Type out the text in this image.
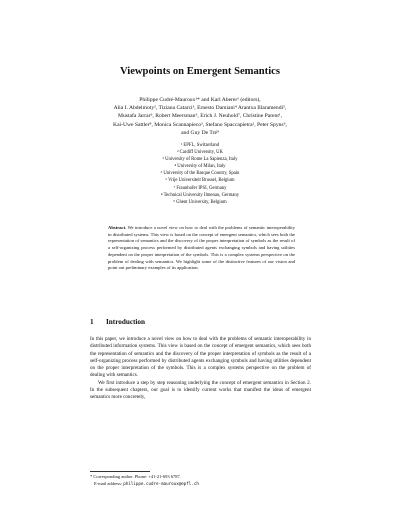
Viewpoints on Emergent Semantics
Philippe Cudré-Mauroux¹* and Karl Aberer¹ (editors),
Alia I. Abdelmoty², Tiziana Catarci³, Ernesto Damiani⁴ Arantxa Illaramendi⁵,
Mustafa Jarrar⁶, Robert Meersman⁶, Erich J. Neuhold⁷, Christine Parent¹,
Kai-Uwe Sattler⁸, Monica Scannapieco³, Stefano Spaccapietra¹, Peter Spyns⁶,
and Guy De Tré⁹
¹ EPFL, Switzerland
² Cardiff University, UK
³ University of Rome La Sapienza, Italy
⁴ University of Milan, Italy
⁵ University of the Basque Country, Spain
⁶ Vrije Universiteit Brussel, Belgium
⁷ Fraunhofer IPSI, Germany
⁸ Technical University Ilmenau, Germany
⁹ Ghent University, Belgium
Abstract. We introduce a novel view on how to deal with the problems of semantic interoperability in distributed systems. This view is based on the concept of emergent semantics, which sees both the representation of semantics and the discovery of the proper interpretation of symbols as the result of a self-organizing process performed by distributed agents exchanging symbols and having utilities dependent on the proper interpretation of the symbols. This is a complex systems perspective on the problem of dealing with semantics. We highlight some of the distinctive features of our vision and point out preliminary examples of its application.
1 Introduction

In this paper, we introduce a novel view on how to deal with the problems of semantic interoperability in distributed information systems. This view is based on the concept of emergent semantics, which sees both the representation of semantics and the discovery of the proper interpretation of symbols as the result of a self-organizing process performed by distributed agents exchanging symbols and having utilities dependent on the proper interpretation of the symbols. This is a complex systems perspective on the problem of dealing with semantics.

We first introduce a step by step reasoning underlying the concept of emergent semantics in Section 2. In the subsequent chapters, our goal is to identify current works that manifest the ideas of emergent semantics more concretely,

* Corresponding author. Phone: +41-21-693 6787.
E-mail address: philippe.cudre-mauroux@epfl.ch
